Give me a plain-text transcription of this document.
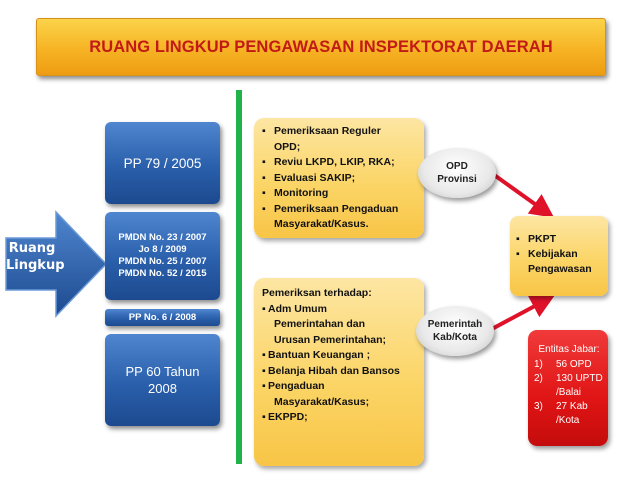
RUANG LINGKUP PENGAWASAN INSPEKTORAT DAERAH
Ruang
Lingkup
PP 79 / 2005
PMDN No. 23 / 2007
Jo 8 / 2009
PMDN No. 25 / 2007
PMDN No. 52 / 2015
PP No. 6 / 2008
PP 60 Tahun
2008
▪ Pemeriksaan Reguler
OPD;
▪ Reviu LKPD, LKIP, RKA;
▪ Evaluasi SAKIP;
▪ Monitoring
▪ Pemeriksaan Pengaduan
Masyarakat/Kasus.
Pemeriksan terhadap:
▪ Adm Umum
Pemerintahan dan
Urusan Pemerintahan;
▪ Bantuan Keuangan ;
▪ Belanja Hibah dan Bansos
▪ Pengaduan
Masyarakat/Kasus;
▪ EKPPD;
OPD
Provinsi
Pemerintah
Kab/Kota
▪ PKPT
▪ Kebijakan
Pengawasan
Entitas Jabar:
1)	56 OPD
2)	130 UPTD
/Balai
3)	27 Kab
/Kota
